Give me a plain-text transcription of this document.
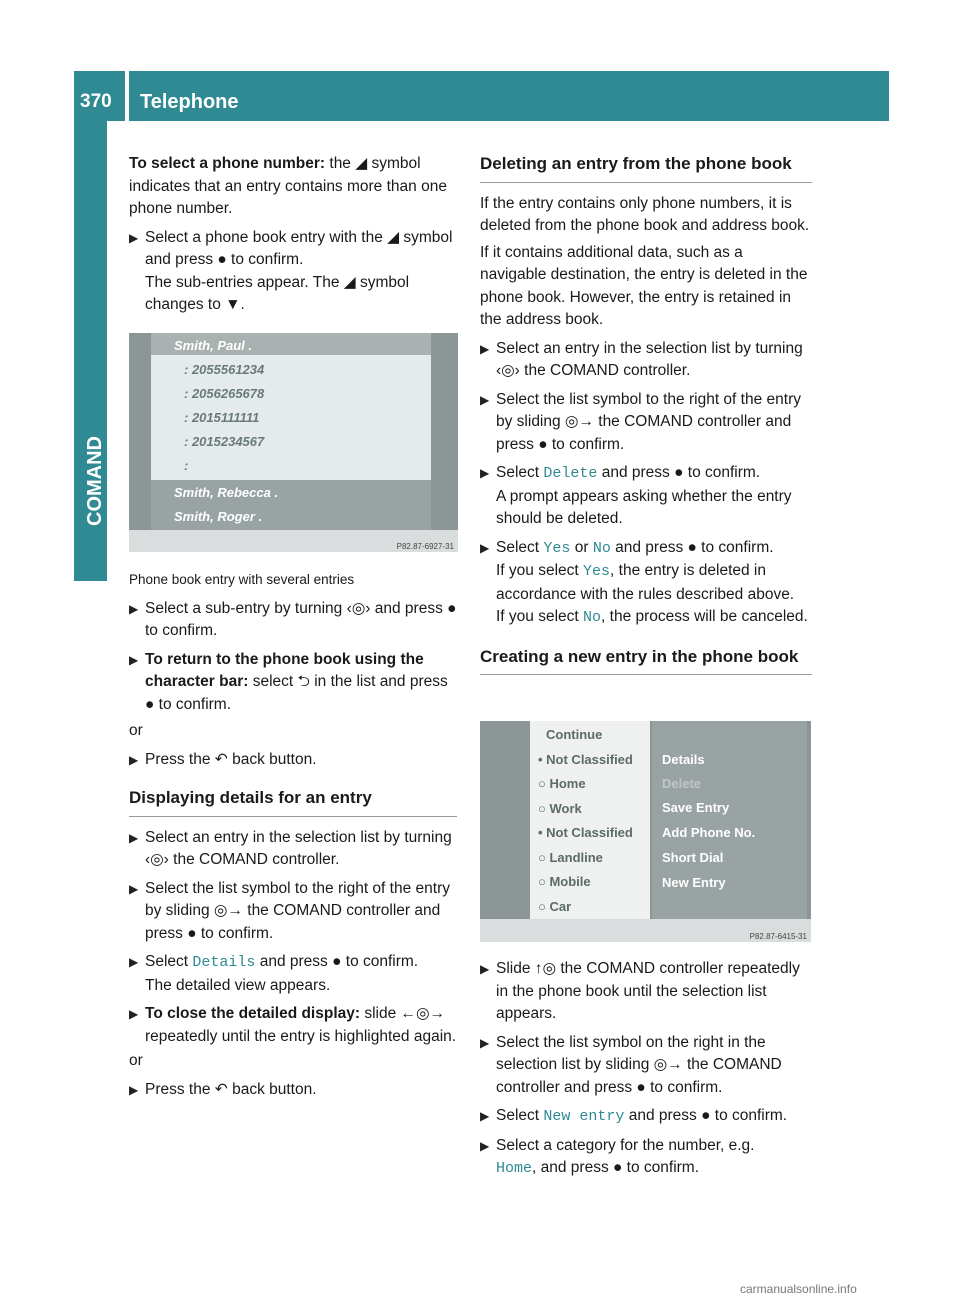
370 Telephone
COMAND

To select a phone number: the ◢ symbol indicates that an entry contains more than one phone number.

▶ Select a phone book entry with the ◢ symbol and press ● to confirm.
The sub-entries appear. The ◢ symbol changes to ▼.
Smith, Paul .
: 2055561234
: 2056265678
: 2015111111
: 2015234567
:
Smith, Rebecca .
Smith, Roger .
P82.87-6927-31
Phone book entry with several entries
▶ Select a sub-entry by turning ‹◎› and press ● to confirm.
▶ To return to the phone book using the character bar: select ⮌ in the list and press ● to confirm.

or

▶ Press the ↶ back button.
Displaying details for an entry
▶ Select an entry in the selection list by turning ‹◎› the COMAND controller.
▶ Select the list symbol to the right of the entry by sliding ◎→ the COMAND controller and press ● to confirm.
▶ Select Details and press ● to confirm.
The detailed view appears.
▶ To close the detailed display: slide ←◎→ repeatedly until the entry is highlighted again.

or

▶ Press the ↶ back button.
Deleting an entry from the phone book

If the entry contains only phone numbers, it is deleted from the phone book and address book.

If it contains additional data, such as a navigable destination, the entry is deleted in the phone book. However, the entry is retained in the address book.

▶ Select an entry in the selection list by turning ‹◎› the COMAND controller.
▶ Select the list symbol to the right of the entry by sliding ◎→ the COMAND controller and press ● to confirm.
▶ Select Delete and press ● to confirm.
A prompt appears asking whether the entry should be deleted.
▶ Select Yes or No and press ● to confirm.
If you select Yes, the entry is deleted in accordance with the rules described above.
If you select No, the process will be canceled.
Creating a new entry in the phone book
Continue
• Not Classified
○ Home
○ Work
• Not Classified
○ Landline
○ Mobile
○ Car
Details
Delete
Save Entry
Add Phone No.
Short Dial
New Entry
P82.87-6415-31
▶ Slide ↑◎ the COMAND controller repeatedly in the phone book until the selection list appears.
▶ Select the list symbol on the right in the selection list by sliding ◎→ the COMAND controller and press ● to confirm.
▶ Select New entry and press ● to confirm.
▶ Select a category for the number, e.g.
Home, and press ● to confirm.
carmanualsonline.info
